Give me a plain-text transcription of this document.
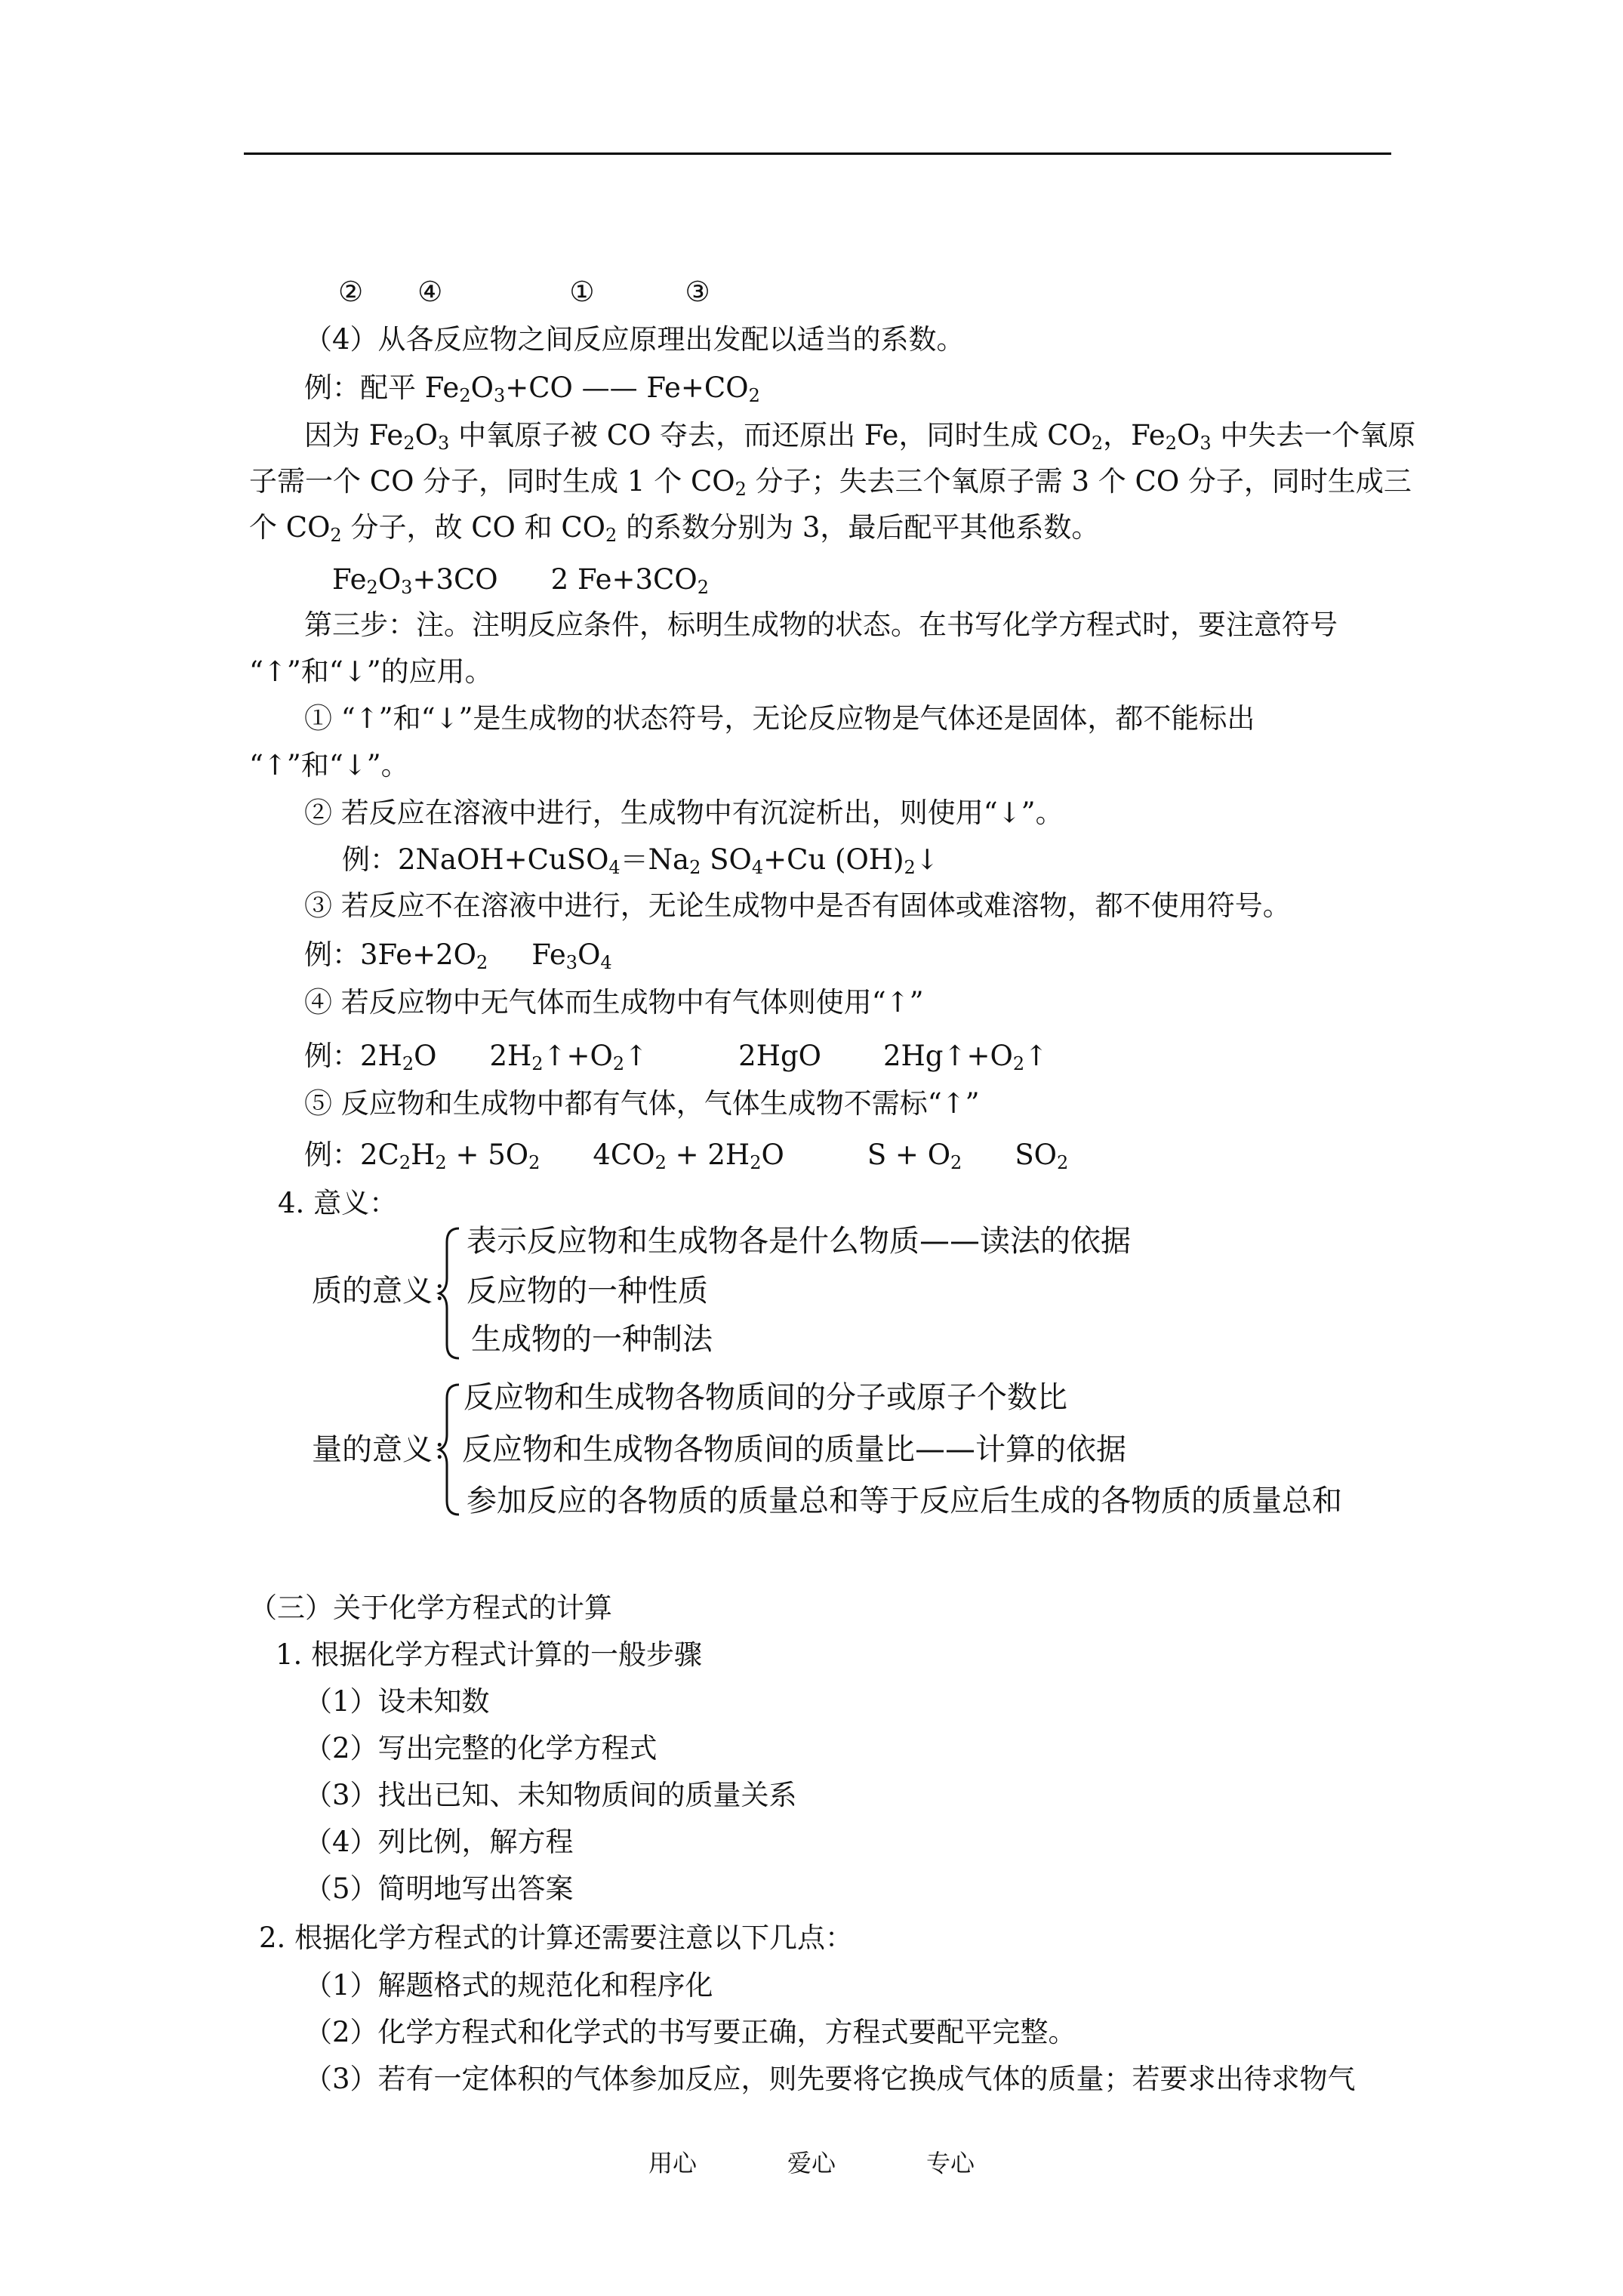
② ④	①	③
（4）从各反应物之间反应原理出发配以适当的系数。
例：配平 $Fe_2O_3+CO$ —— $Fe+CO_2$
因为 $Fe_2O_3$ 中氧原子被 CO 夺去，而还原出 Fe，同时生成 $CO_2$，$Fe_2O_3$ 中失去一个氧原
子需一个 CO 分子，同时生成 1 个 $CO_2$ 分子；失去三个氧原子需 3 个 CO 分子，同时生成三
个 $CO_2$ 分子，故 CO 和 $CO_2$ 的系数分别为 3，最后配平其他系数。
$Fe_2O_3+3CO$ 2 $Fe+3CO_2$
第三步：注。注明反应条件，标明生成物的状态。在书写化学方程式时，要注意符号
“↑”和“↓”的应用。
① “↑”和“↓”是生成物的状态符号，无论反应物是气体还是固体，都不能标出
“↑”和“↓”。
② 若反应在溶液中进行，生成物中有沉淀析出，则使用“↓”。
例：$2NaOH+CuSO_4=Na_2$ $SO_4+Cu$ $(OH)_2↓$
③ 若反应不在溶液中进行，无论生成物中是否有固体或难溶物，都不使用符号。
例：$3Fe+2O_2$ $Fe_3O_4$
④ 若反应物中无气体而生成物中有气体则使用“↑”
例：$2H_2O$ $2H_2↑+O_2↑$	2HgO $2Hg↑+O_2↑$
⑤ 反应物和生成物中都有气体，气体生成物不需标“↑”
例：$2C_2H_2 + 5O_2$ $4CO_2 + 2H_2O$	$S + O_2$ $SO_2$
4. 意义：
质的意义：
表示反应物和生成物各是什么物质——读法的依据
反应物的一种性质
生成物的一种制法
量的意义：
反应物和生成物各物质间的分子或原子个数比
反应物和生成物各物质间的质量比——计算的依据
参加反应的各物质的质量总和等于反应后生成的各物质的质量总和
（三）关于化学方程式的计算
1. 根据化学方程式计算的一般步骤
（1）设未知数
（2）写出完整的化学方程式
（3）找出已知、未知物质间的质量关系
（4）列比例，解方程
（5）简明地写出答案
2. 根据化学方程式的计算还需要注意以下几点：
（1）解题格式的规范化和程序化
（2）化学方程式和化学式的书写要正确，方程式要配平完整。
（3）若有一定体积的气体参加反应，则先要将它换成气体的质量；若要求出待求物气
用心	爱心	专心
